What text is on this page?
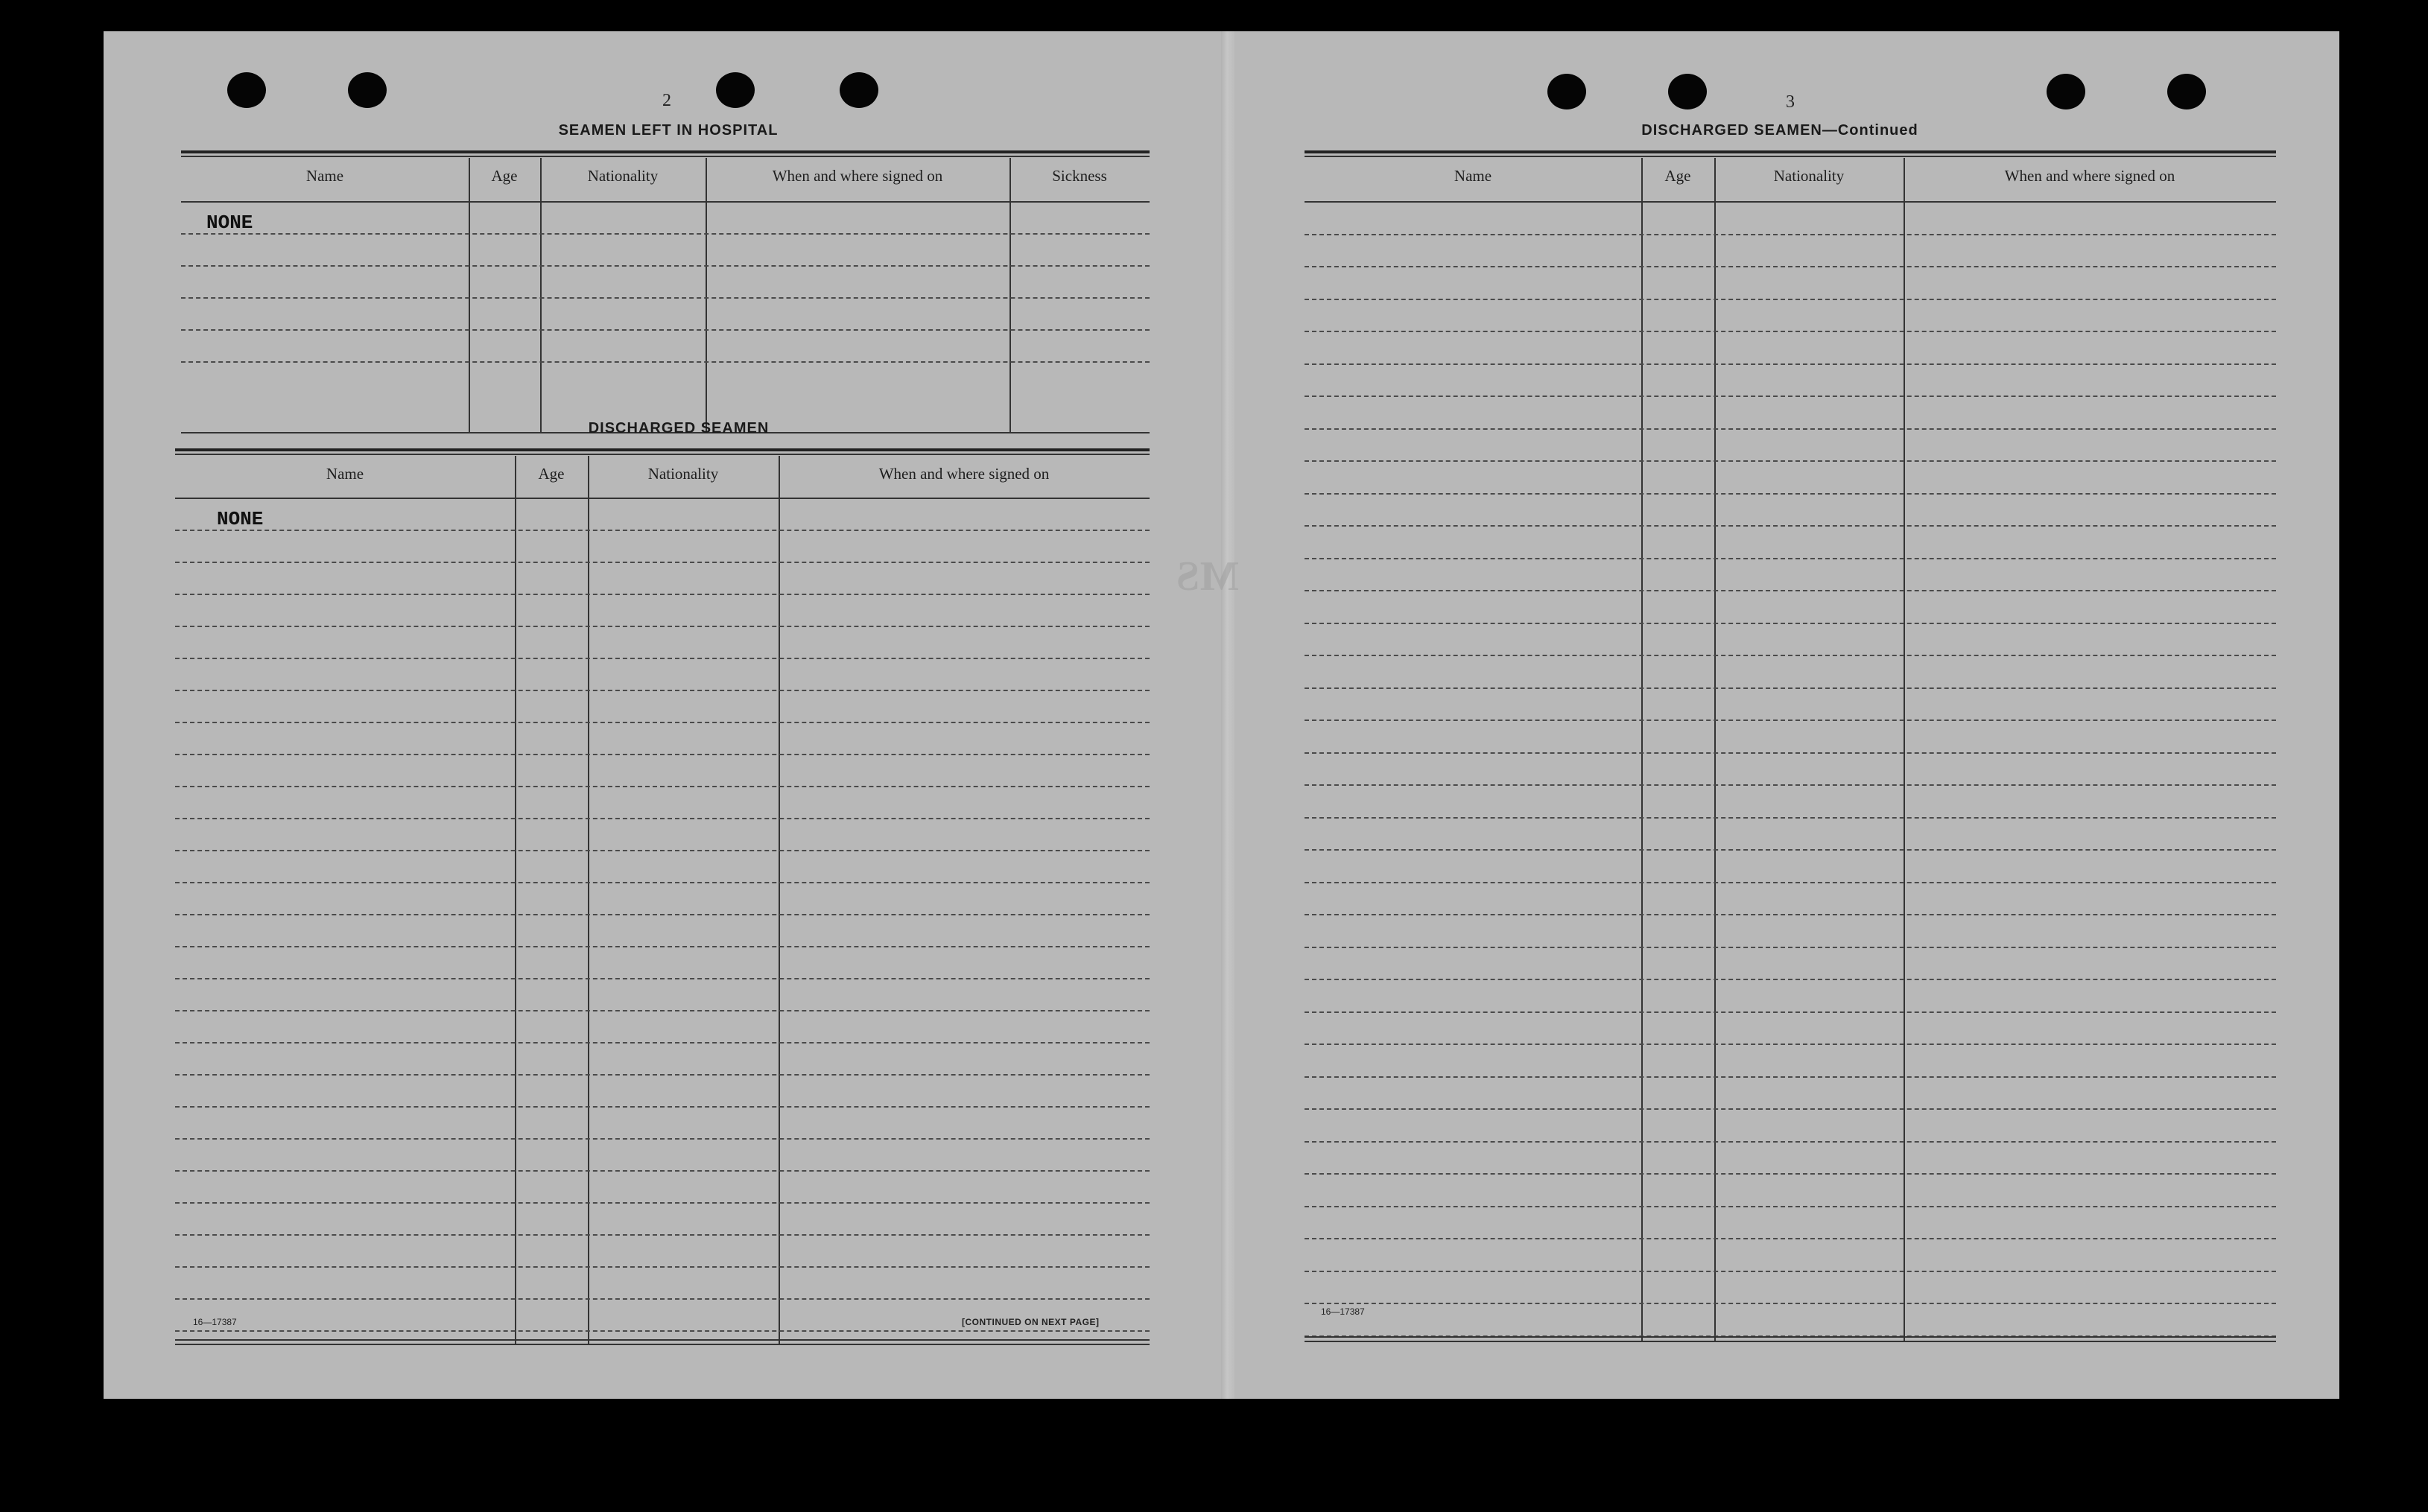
MS
2
SEAMEN LEFT IN HOSPITAL
Name	Age	Nationality	When and where signed on	Sickness
NONE
DISCHARGED SEAMEN
Name	Age	Nationality	When and where signed on
NONE
16—17387	[CONTINUED ON NEXT PAGE]
3
DISCHARGED SEAMEN—Continued
Name	Age	Nationality	When and where signed on
16—17387
